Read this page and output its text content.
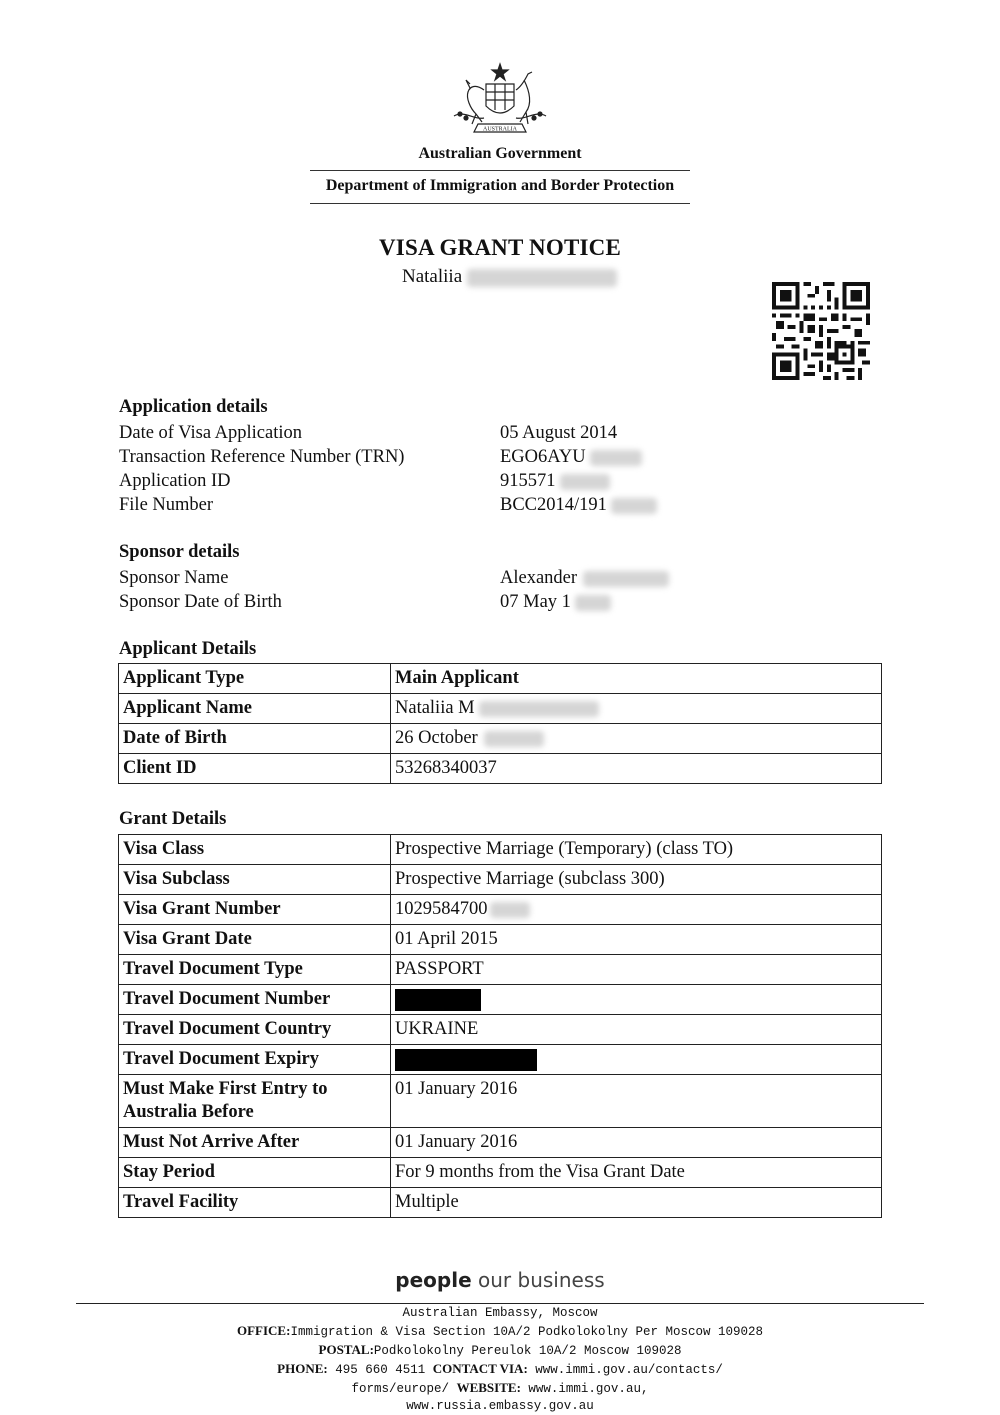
AUSTRALIA
Australian Government
Department of Immigration and Border Protection
VISA GRANT NOTICE
Nataliia
Application details
Date of Visa Application	05 August 2014
Transaction Reference Number (TRN)	EGO6AYU
Application ID	915571
File Number	BCC2014/191
Sponsor details
Sponsor Name	Alexander
Sponsor Date of Birth	07 May 1
Applicant Details
Applicant Type	Main Applicant
Applicant Name	Nataliia M
Date of Birth	26 October
Client ID	53268340037
Grant Details
Visa Class	Prospective Marriage (Temporary) (class TO)
Visa Subclass	Prospective Marriage (subclass 300)
Visa Grant Number	1029584700
Visa Grant Date	01 April 2015
Travel Document Type	PASSPORT
Travel Document Number	
Travel Document Country	UKRAINE
Travel Document Expiry	
Must Make First Entry to Australia Before	01 January 2016
Must Not Arrive After	01 January 2016
Stay Period	For 9 months from the Visa Grant Date
Travel Facility	Multiple
people our business
Australian Embassy, Moscow
OFFICE:Immigration & Visa Section 10A/2 Podkolokolny Per Moscow 109028
POSTAL:Podkolokolny Pereulok 10A/2 Moscow 109028
PHONE: 495 660 4511 CONTACT VIA: www.immi.gov.au/contacts/ forms/europe/ WEBSITE: www.immi.gov.au, www.russia.embassy.gov.au
